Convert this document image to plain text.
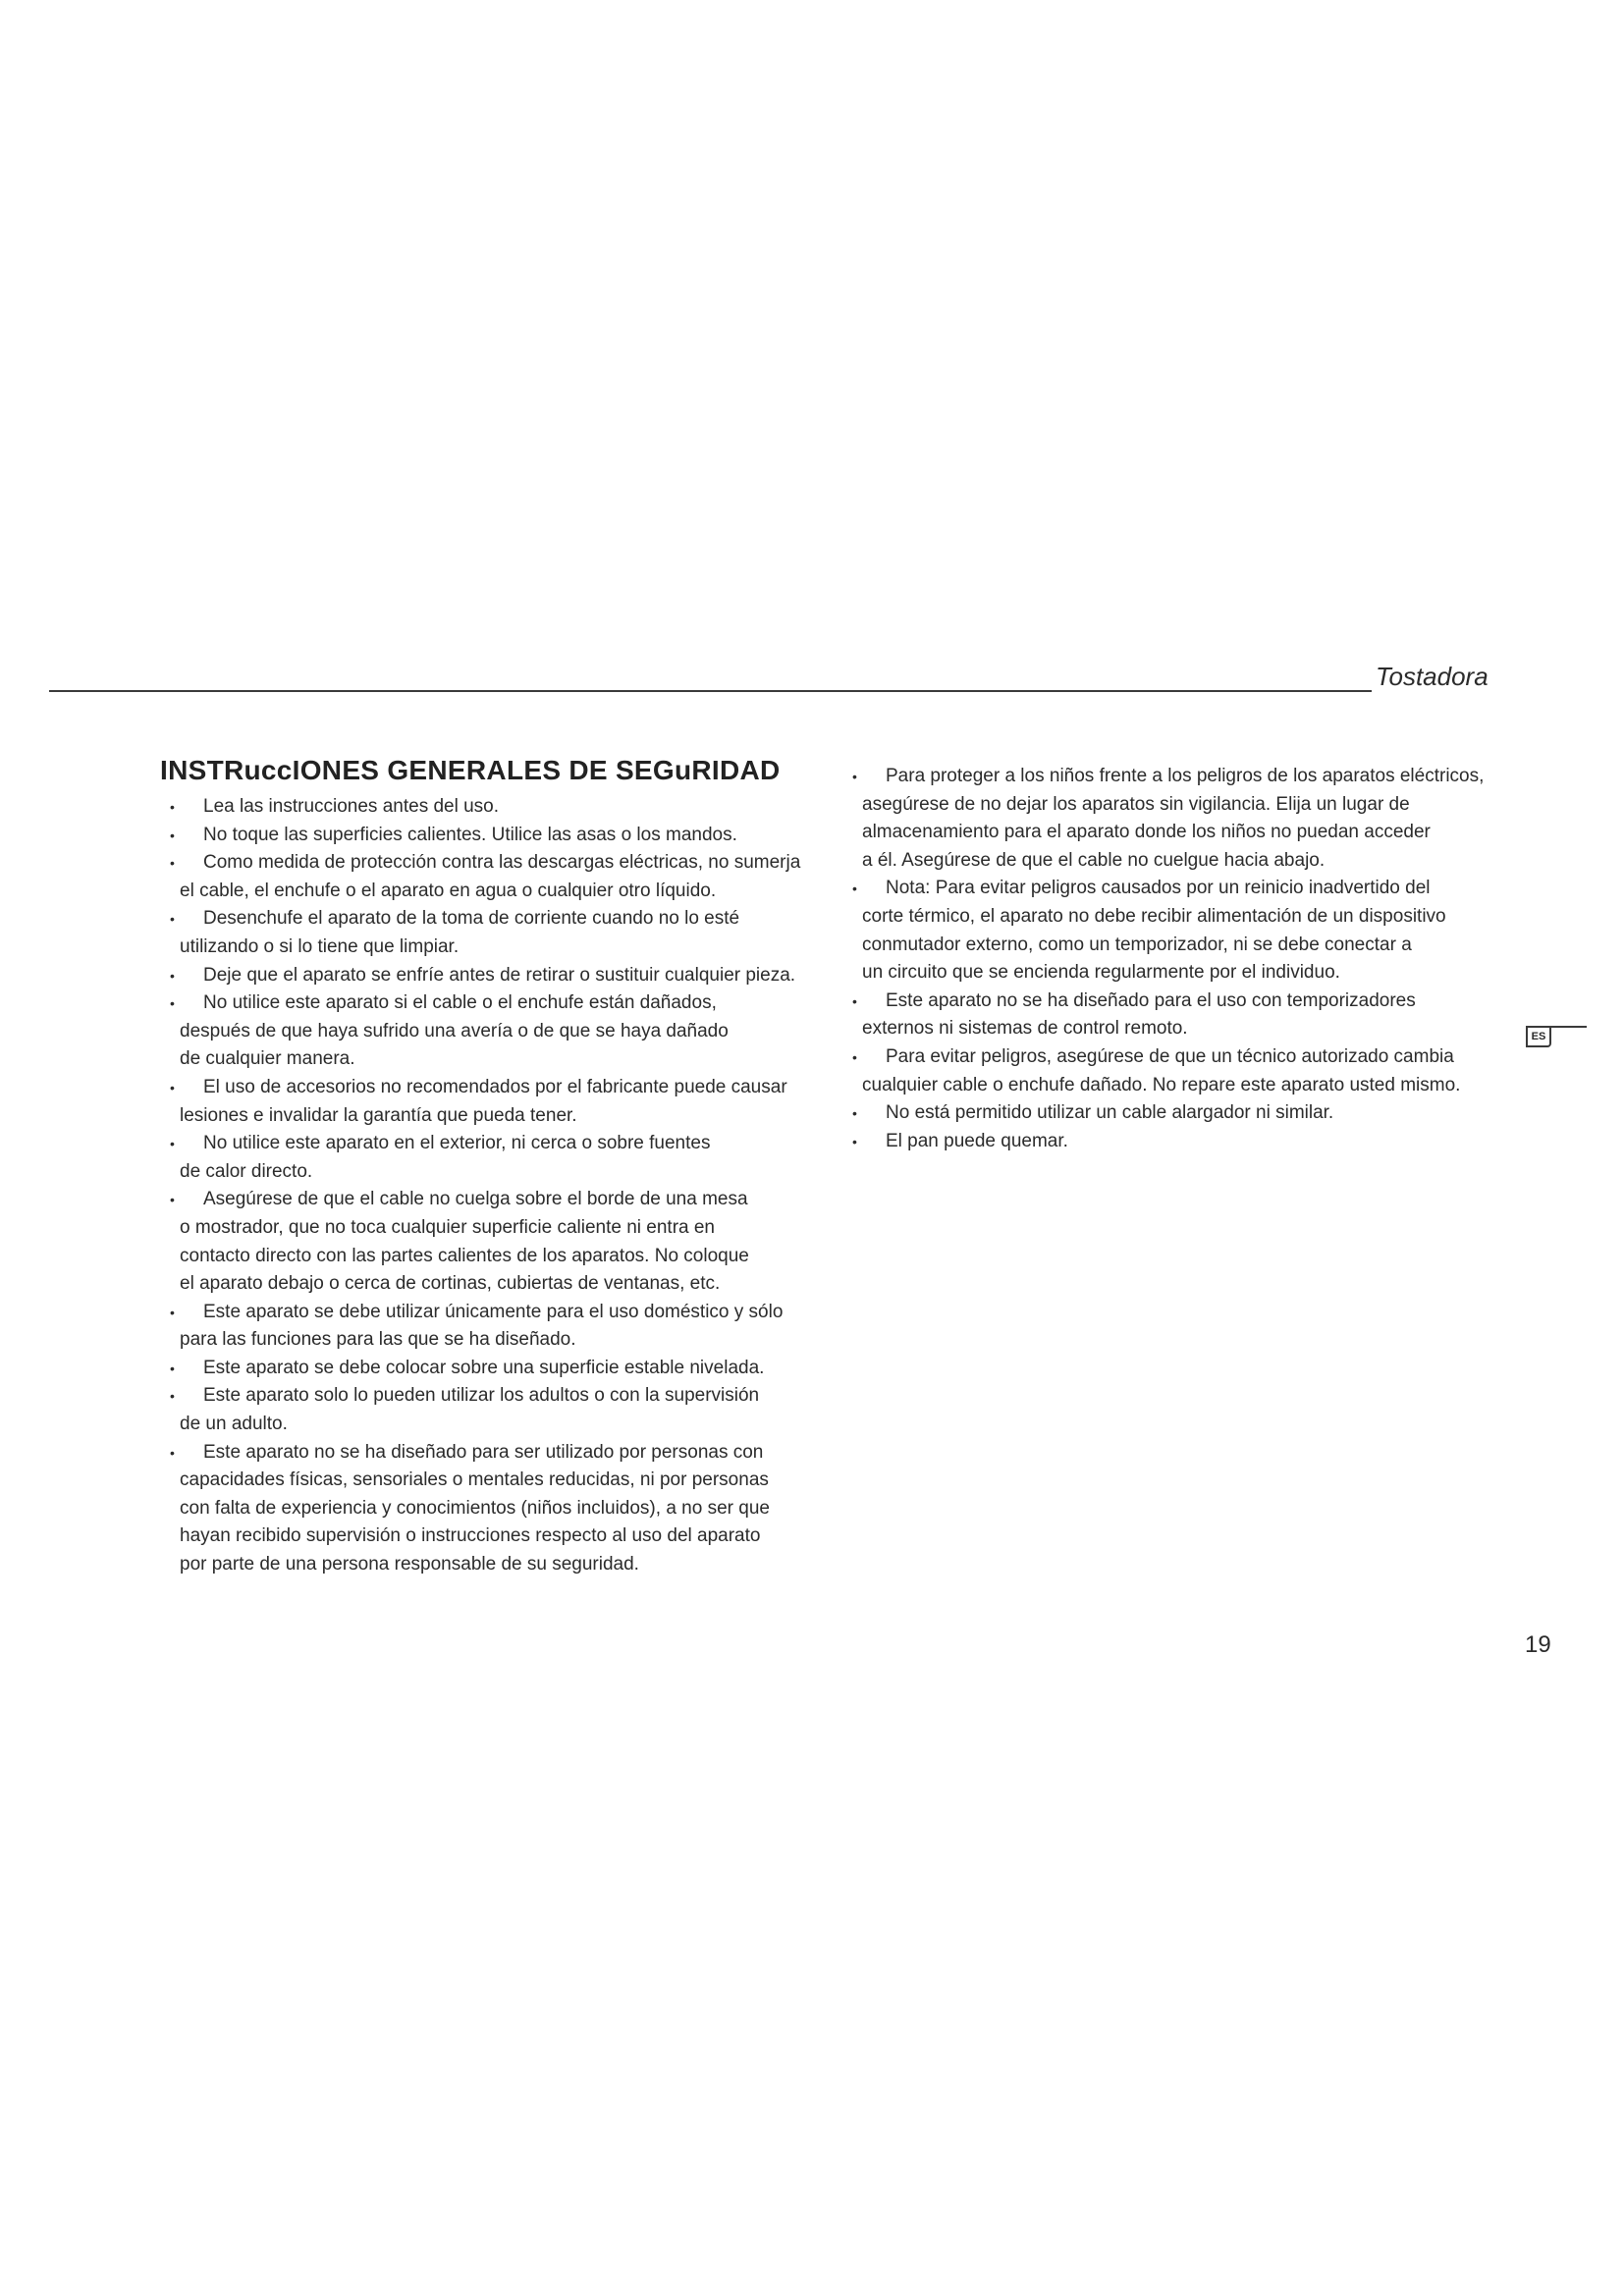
Tostadora
INSTRuccIONES GENERALES DE SEGuRIDAD
• Lea las instrucciones antes del uso.
• No toque las superficies calientes. Utilice las asas o los mandos.
• Como medida de protección contra las descargas eléctricas, no sumerja
el cable, el enchufe o el aparato en agua o cualquier otro líquido.
• Desenchufe el aparato de la toma de corriente cuando no lo esté
utilizando o si lo tiene que limpiar.
• Deje que el aparato se enfríe antes de retirar o sustituir cualquier pieza.
• No utilice este aparato si el cable o el enchufe están dañados,
después de que haya sufrido una avería o de que se haya dañado
de cualquier manera.
• El uso de accesorios no recomendados por el fabricante puede causar
lesiones e invalidar la garantía que pueda tener.
• No utilice este aparato en el exterior, ni cerca o sobre fuentes
de calor directo.
• Asegúrese de que el cable no cuelga sobre el borde de una mesa
o mostrador, que no toca cualquier superficie caliente ni entra en
contacto directo con las partes calientes de los aparatos. No coloque
el aparato debajo o cerca de cortinas, cubiertas de ventanas, etc.
• Este aparato se debe utilizar únicamente para el uso doméstico y sólo
para las funciones para las que se ha diseñado.
• Este aparato se debe colocar sobre una superficie estable nivelada.
• Este aparato solo lo pueden utilizar los adultos o con la supervisión
de un adulto.
• Este aparato no se ha diseñado para ser utilizado por personas con
capacidades físicas, sensoriales o mentales reducidas, ni por personas
con falta de experiencia y conocimientos (niños incluidos), a no ser que
hayan recibido supervisión o instrucciones respecto al uso del aparato
por parte de una persona responsable de su seguridad.
• Para proteger a los niños frente a los peligros de los aparatos eléctricos,
asegúrese de no dejar los aparatos sin vigilancia. Elija un lugar de
almacenamiento para el aparato donde los niños no puedan acceder
a él. Asegúrese de que el cable no cuelgue hacia abajo.
• Nota: Para evitar peligros causados por un reinicio inadvertido del
corte térmico, el aparato no debe recibir alimentación de un dispositivo
conmutador externo, como un temporizador, ni se debe conectar a
un circuito que se encienda regularmente por el individuo.
• Este aparato no se ha diseñado para el uso con temporizadores
externos ni sistemas de control remoto.
• Para evitar peligros, asegúrese de que un técnico autorizado cambia
cualquier cable o enchufe dañado. No repare este aparato usted mismo.
• No está permitido utilizar un cable alargador ni similar.
• El pan puede quemar.
ES
19
